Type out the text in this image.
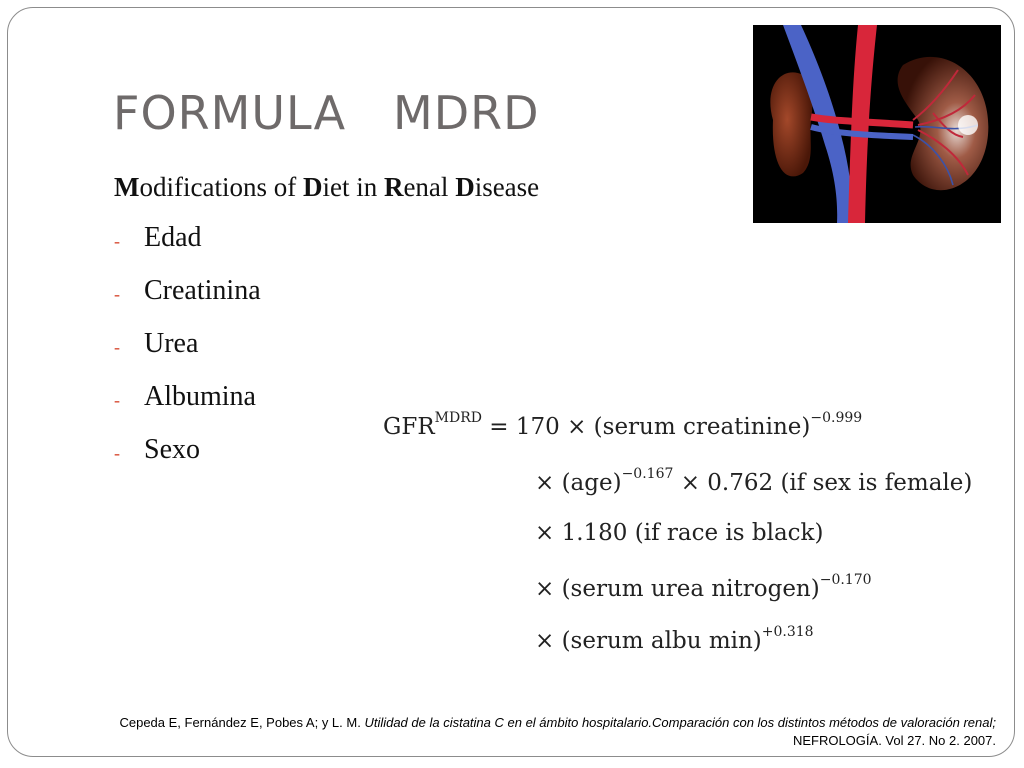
FORMULA   MDRD
Modifications of Diet in Renal Disease
- Edad
- Creatinina
- Urea
- Albumina
- Sexo
$GFR^{MDRD} = 170$ × (serum creatinine)$^{-0.999}$
× (age)$^{-0.167}$ × 0.762 (if sex is female)
× 1.180 (if race is black)
× (serum urea nitrogen)$^{-0.170}$
× (serum albu min)$^{+0.318}$
Cepeda E, Fernández E, Pobes A; y L. M. Utilidad de la cistatina C en el ámbito hospitalario.Comparación con los distintos métodos de valoración renal;
NEFROLOGÍA. Vol 27. No 2. 2007.
